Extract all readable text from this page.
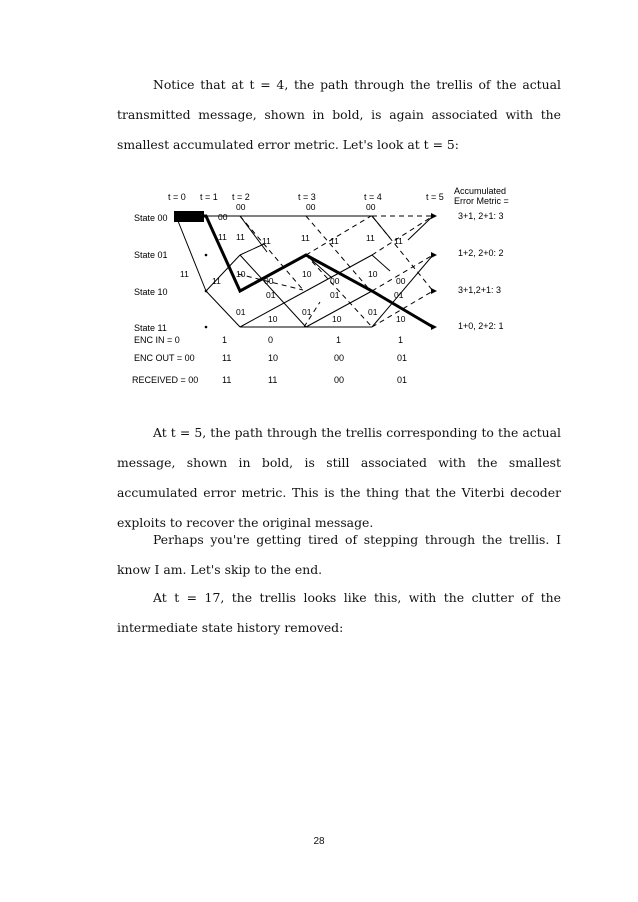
Notice that at t = 4, the path through the trellis of the actual transmitted message, shown in bold, is again associated with the smallest accumulated error metric. Let's look at t = 5:

t = 0 t = 1 t = 2	t = 3	t = 4	t = 5
Accumulated
Error Metric =
State 00
State 01
State 10
State 11
3+1, 2+1: 3
1+2, 2+0: 2
3+1,2+1: 3
1+0, 2+2: 1
00	00
00	00	00
11 11 11	11 11	11 11
11
11
10
00
10
00
10
00
01	01	01
01
10
01
10
01
10
ENC IN = 0	1	0	1	1
ENC OUT = 00	11	10	00	01
RECEIVED = 00	11	11	00	01

At t = 5, the path through the trellis corresponding to the actual message, shown in bold, is still associated with the smallest accumulated error metric. This is the thing that the Viterbi decoder exploits to recover the original message.

Perhaps you're getting tired of stepping through the trellis. I know I am. Let's skip to the end.

At t = 17, the trellis looks like this, with the clutter of the intermediate state history removed:

28
